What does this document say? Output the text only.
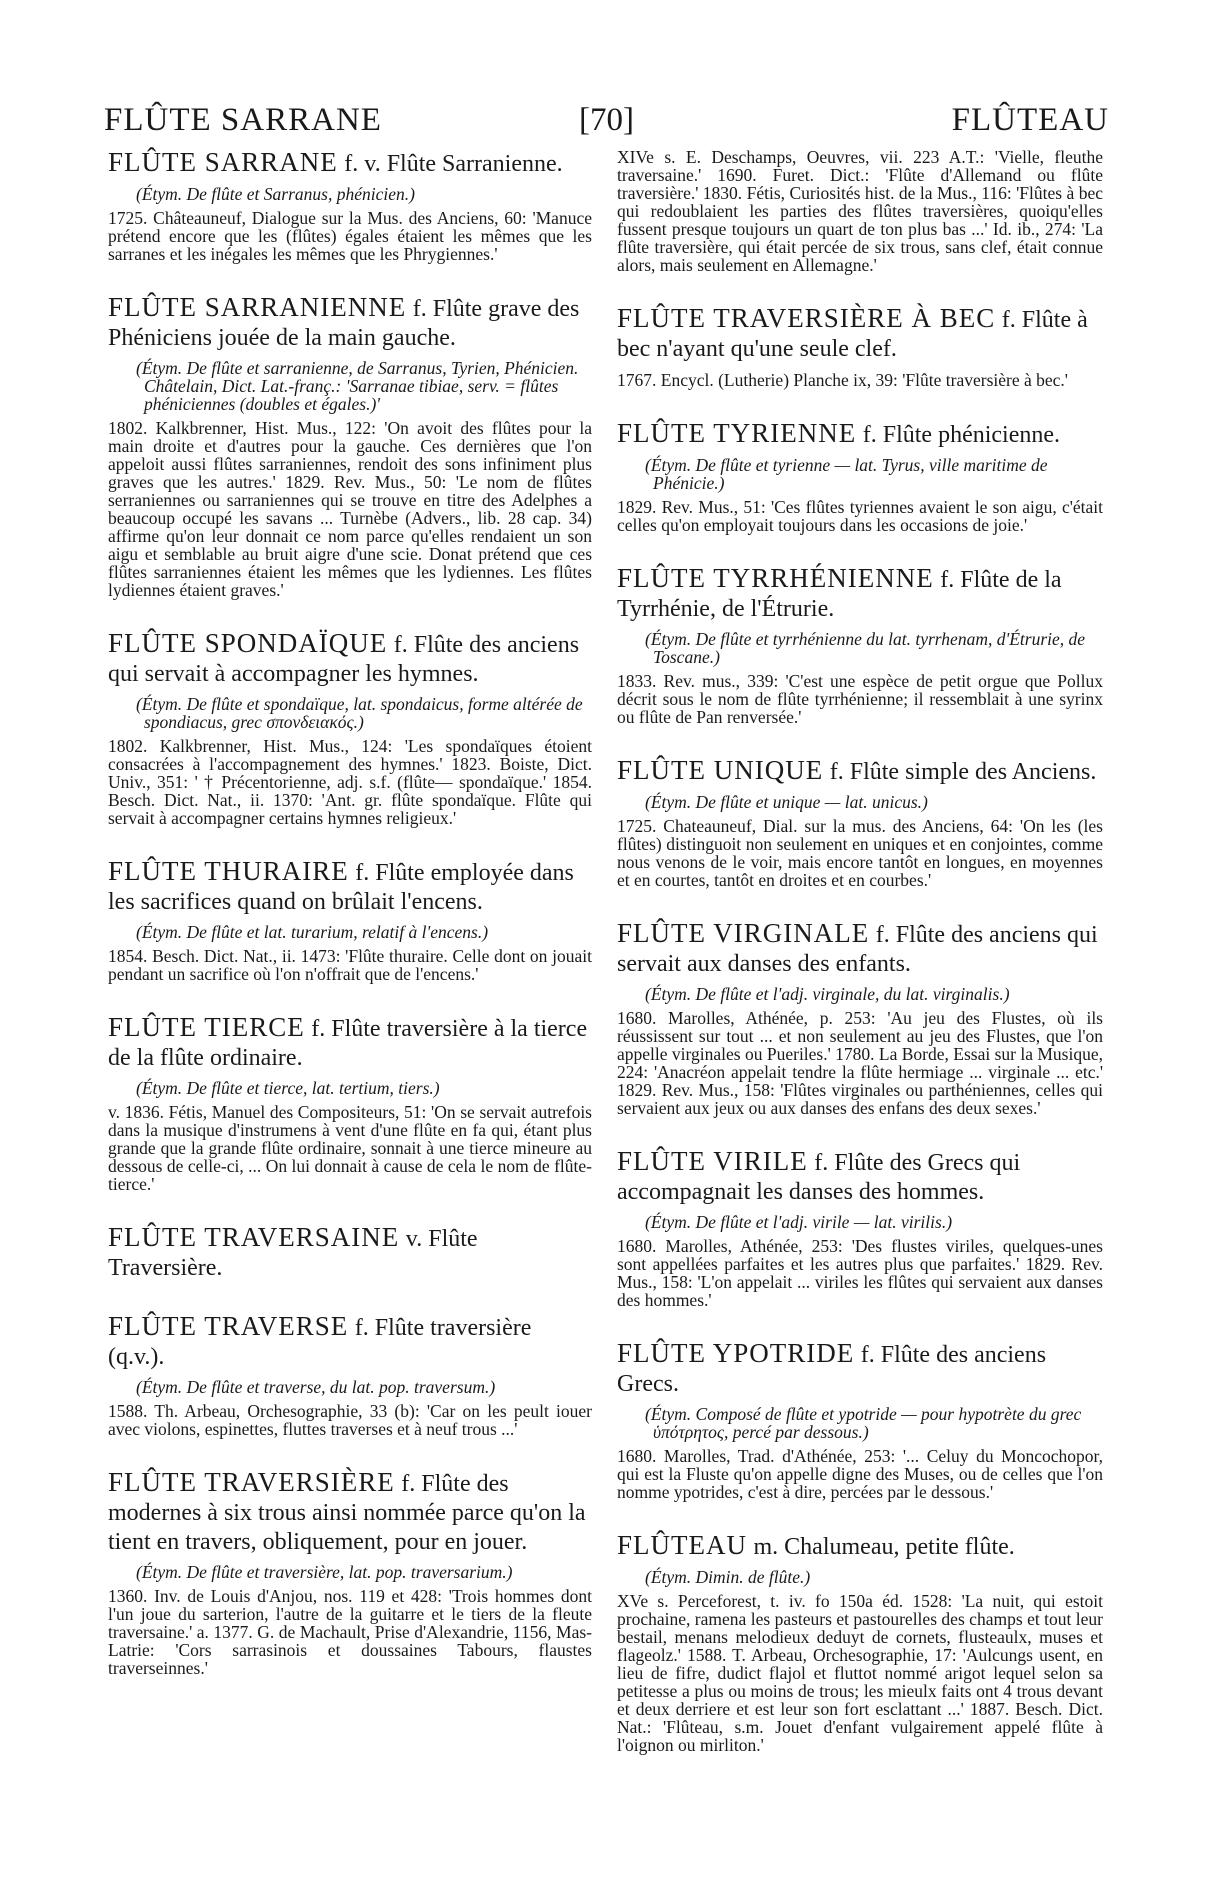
FLÛTE SARRANE	[70]	FLÛTEAU

FLÛTE SARRANE f. v. Flûte Sarranienne.

(Étym. De flûte et Sarranus, phénicien.)

1725. Châteauneuf, Dialogue sur la Mus. des Anciens, 60: 'Manuce prétend encore que les (flûtes) égales étaient les mêmes que les sarranes et les inégales les mêmes que les Phrygiennes.'

FLÛTE SARRANIENNE f. Flûte grave des Phéniciens jouée de la main gauche.

(Étym. De flûte et sarranienne, de Sarranus, Tyrien, Phénicien. Châtelain, Dict. Lat.-franç.: 'Sarranae tibiae, serv. = flûtes phéniciennes (doubles et égales.)'

1802. Kalkbrenner, Hist. Mus., 122: 'On avoit des flûtes pour la main droite et d'autres pour la gauche. Ces dernières que l'on appeloit aussi flûtes sarraniennes, rendoit des sons infiniment plus graves que les autres.' 1829. Rev. Mus., 50: 'Le nom de flûtes serraniennes ou sarraniennes qui se trouve en titre des Adelphes a beaucoup occupé les savans ... Turnèbe (Advers., lib. 28 cap. 34) affirme qu'on leur donnait ce nom parce qu'elles rendaient un son aigu et semblable au bruit aigre d'une scie. Donat prétend que ces flûtes sarraniennes étaient les mêmes que les lydiennes. Les flûtes lydiennes étaient graves.'

FLÛTE SPONDAÏQUE f. Flûte des anciens qui servait à accompagner les hymnes.

(Étym. De flûte et spondaïque, lat. spondaicus, forme altérée de spondiacus, grec σπονδειακός.)

1802. Kalkbrenner, Hist. Mus., 124: 'Les spondaïques étoient consacrées à l'accompagnement des hymnes.' 1823. Boiste, Dict. Univ., 351: ' † Précentorienne, adj. s.f. (flûte— spondaïque.' 1854. Besch. Dict. Nat., ii. 1370: 'Ant. gr. flûte spondaïque. Flûte qui servait à accompagner certains hymnes religieux.'

FLÛTE THURAIRE f. Flûte employée dans les sacrifices quand on brûlait l'encens.

(Étym. De flûte et lat. turarium, relatif à l'encens.)

1854. Besch. Dict. Nat., ii. 1473: 'Flûte thuraire. Celle dont on jouait pendant un sacrifice où l'on n'offrait que de l'encens.'

FLÛTE TIERCE f. Flûte traversière à la tierce de la flûte ordinaire.

(Étym. De flûte et tierce, lat. tertium, tiers.)

v. 1836. Fétis, Manuel des Compositeurs, 51: 'On se servait autrefois dans la musique d'instrumens à vent d'une flûte en fa qui, étant plus grande que la grande flûte ordinaire, sonnait à une tierce mineure au dessous de celle-ci, ... On lui donnait à cause de cela le nom de flûte-tierce.'

FLÛTE TRAVERSAINE v. Flûte Traversière.

FLÛTE TRAVERSE f. Flûte traversière (q.v.).

(Étym. De flûte et traverse, du lat. pop. traversum.)

1588. Th. Arbeau, Orchesographie, 33 (b): 'Car on les peult iouer avec violons, espinettes, fluttes traverses et à neuf trous ...'

FLÛTE TRAVERSIÈRE f. Flûte des modernes à six trous ainsi nommée parce qu'on la tient en travers, obliquement, pour en jouer.

(Étym. De flûte et traversière, lat. pop. traversarium.)

1360. Inv. de Louis d'Anjou, nos. 119 et 428: 'Trois hommes dont l'un joue du sarterion, l'autre de la guitarre et le tiers de la fleute traversaine.' a. 1377. G. de Machault, Prise d'Alexandrie, 1156, Mas-Latrie: 'Cors sarrasinois et doussaines Tabours, flaustes traverseinnes.'

XIVe s. E. Deschamps, Oeuvres, vii. 223 A.T.: 'Vielle, fleuthe traversaine.' 1690. Furet. Dict.: 'Flûte d'Allemand ou flûte traversière.' 1830. Fétis, Curiosités hist. de la Mus., 116: 'Flûtes à bec qui redoublaient les parties des flûtes traversières, quoiqu'elles fussent presque toujours un quart de ton plus bas ...' Id. ib., 274: 'La flûte traversière, qui était percée de six trous, sans clef, était connue alors, mais seulement en Allemagne.'

FLÛTE TRAVERSIÈRE À BEC f. Flûte à bec n'ayant qu'une seule clef.

1767. Encycl. (Lutherie) Planche ix, 39: 'Flûte traversière à bec.'

FLÛTE TYRIENNE f. Flûte phénicienne.

(Étym. De flûte et tyrienne — lat. Tyrus, ville maritime de Phénicie.)

1829. Rev. Mus., 51: 'Ces flûtes tyriennes avaient le son aigu, c'était celles qu'on employait toujours dans les occasions de joie.'

FLÛTE TYRRHÉNIENNE f. Flûte de la Tyrrhénie, de l'Étrurie.

(Étym. De flûte et tyrrhénienne du lat. tyrrhenam, d'Étrurie, de Toscane.)

1833. Rev. mus., 339: 'C'est une espèce de petit orgue que Pollux décrit sous le nom de flûte tyrrhénienne; il ressemblait à une syrinx ou flûte de Pan renversée.'

FLÛTE UNIQUE f. Flûte simple des Anciens.

(Étym. De flûte et unique — lat. unicus.)

1725. Chateauneuf, Dial. sur la mus. des Anciens, 64: 'On les (les flûtes) distinguoit non seulement en uniques et en conjointes, comme nous venons de le voir, mais encore tantôt en longues, en moyennes et en courtes, tantôt en droites et en courbes.'

FLÛTE VIRGINALE f. Flûte des anciens qui servait aux danses des enfants.

(Étym. De flûte et l'adj. virginale, du lat. virginalis.)

1680. Marolles, Athénée, p. 253: 'Au jeu des Flustes, où ils réussissent sur tout ... et non seulement au jeu des Flustes, que l'on appelle virginales ou Pueriles.' 1780. La Borde, Essai sur la Musique, 224: 'Anacréon appelait tendre la flûte hermiage ... virginale ... etc.' 1829. Rev. Mus., 158: 'Flûtes virginales ou parthéniennes, celles qui servaient aux jeux ou aux danses des enfans des deux sexes.'

FLÛTE VIRILE f. Flûte des Grecs qui accompagnait les danses des hommes.

(Étym. De flûte et l'adj. virile — lat. virilis.)

1680. Marolles, Athénée, 253: 'Des flustes viriles, quelques-unes sont appellées parfaites et les autres plus que parfaites.' 1829. Rev. Mus., 158: 'L'on appelait ... viriles les flûtes qui servaient aux danses des hommes.'

FLÛTE YPOTRIDE f. Flûte des anciens Grecs.

(Étym. Composé de flûte et ypotride — pour hypotrète du grec ὑπότρητος, percé par dessous.)

1680. Marolles, Trad. d'Athénée, 253: '... Celuy du Moncochopor, qui est la Fluste qu'on appelle digne des Muses, ou de celles que l'on nomme ypotrides, c'est à dire, percées par le dessous.'

FLÛTEAU m. Chalumeau, petite flûte.

(Étym. Dimin. de flûte.)

XVe s. Perceforest, t. iv. fo 150a éd. 1528: 'La nuit, qui estoit prochaine, ramena les pasteurs et pastourelles des champs et tout leur bestail, menans melodieux deduyt de cornets, flusteaulx, muses et flageolz.' 1588. T. Arbeau, Orchesographie, 17: 'Aulcungs usent, en lieu de fifre, dudict flajol et fluttot nommé arigot lequel selon sa petitesse a plus ou moins de trous; les mieulx faits ont 4 trous devant et deux derriere et est leur son fort esclattant ...' 1887. Besch. Dict. Nat.: 'Flûteau, s.m. Jouet d'enfant vulgairement appelé flûte à l'oignon ou mirliton.'
